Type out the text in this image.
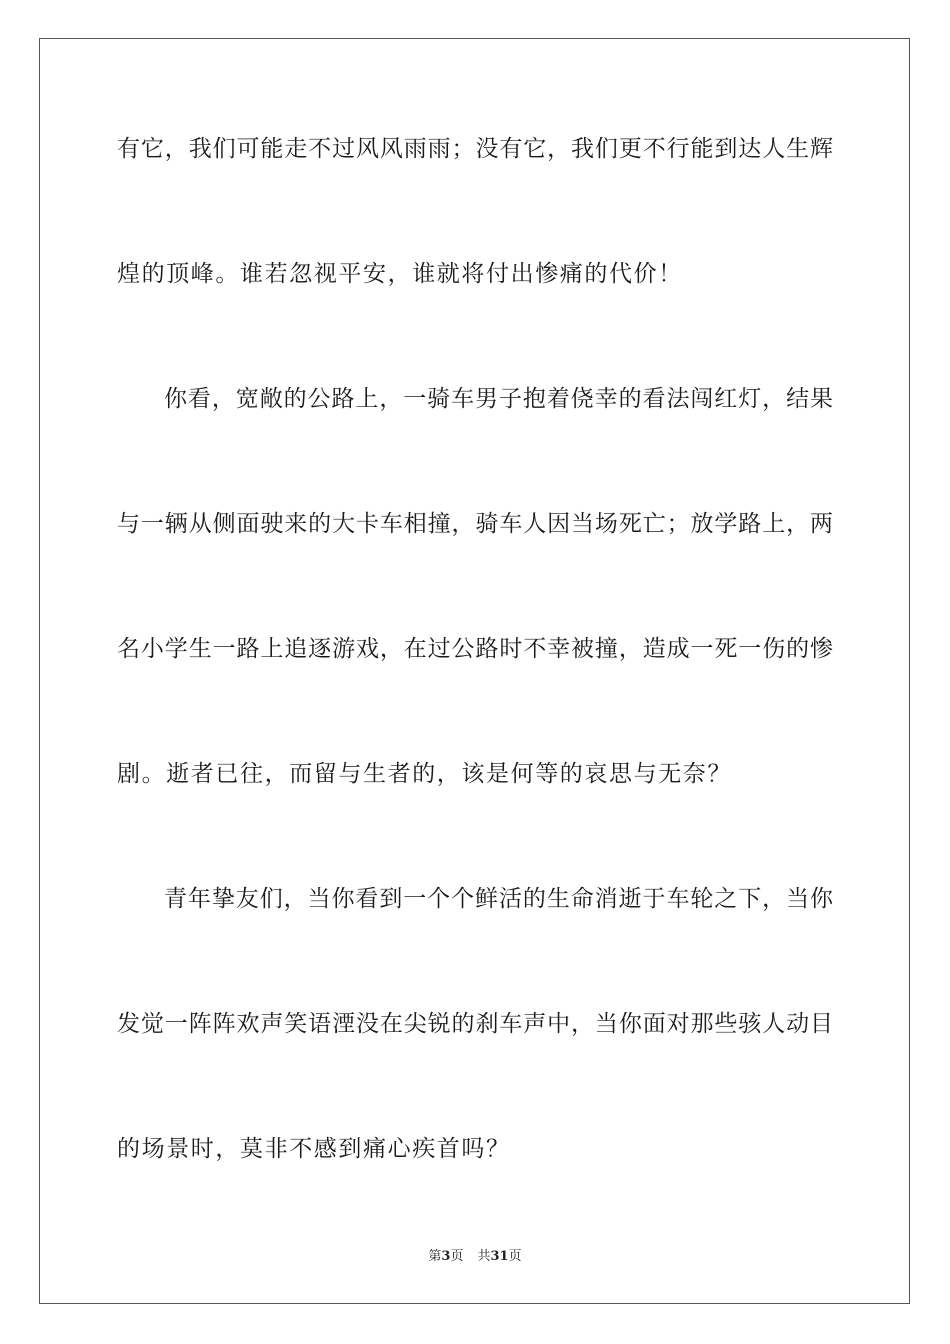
有它，我们可能走不过风风雨雨；没有它，我们更不行能到达人生辉
煌的顶峰。谁若忽视平安，谁就将付出惨痛的代价！
你看，宽敞的公路上，一骑车男子抱着侥幸的看法闯红灯，结果
与一辆从侧面驶来的大卡车相撞，骑车人因当场死亡；放学路上，两
名小学生一路上追逐游戏，在过公路时不幸被撞，造成一死一伤的惨
剧。逝者已往，而留与生者的，该是何等的哀思与无奈？
青年挚友们，当你看到一个个鲜活的生命消逝于车轮之下，当你
发觉一阵阵欢声笑语湮没在尖锐的刹车声中，当你面对那些骇人动目
的场景时，莫非不感到痛心疾首吗？
第3页 共31页
